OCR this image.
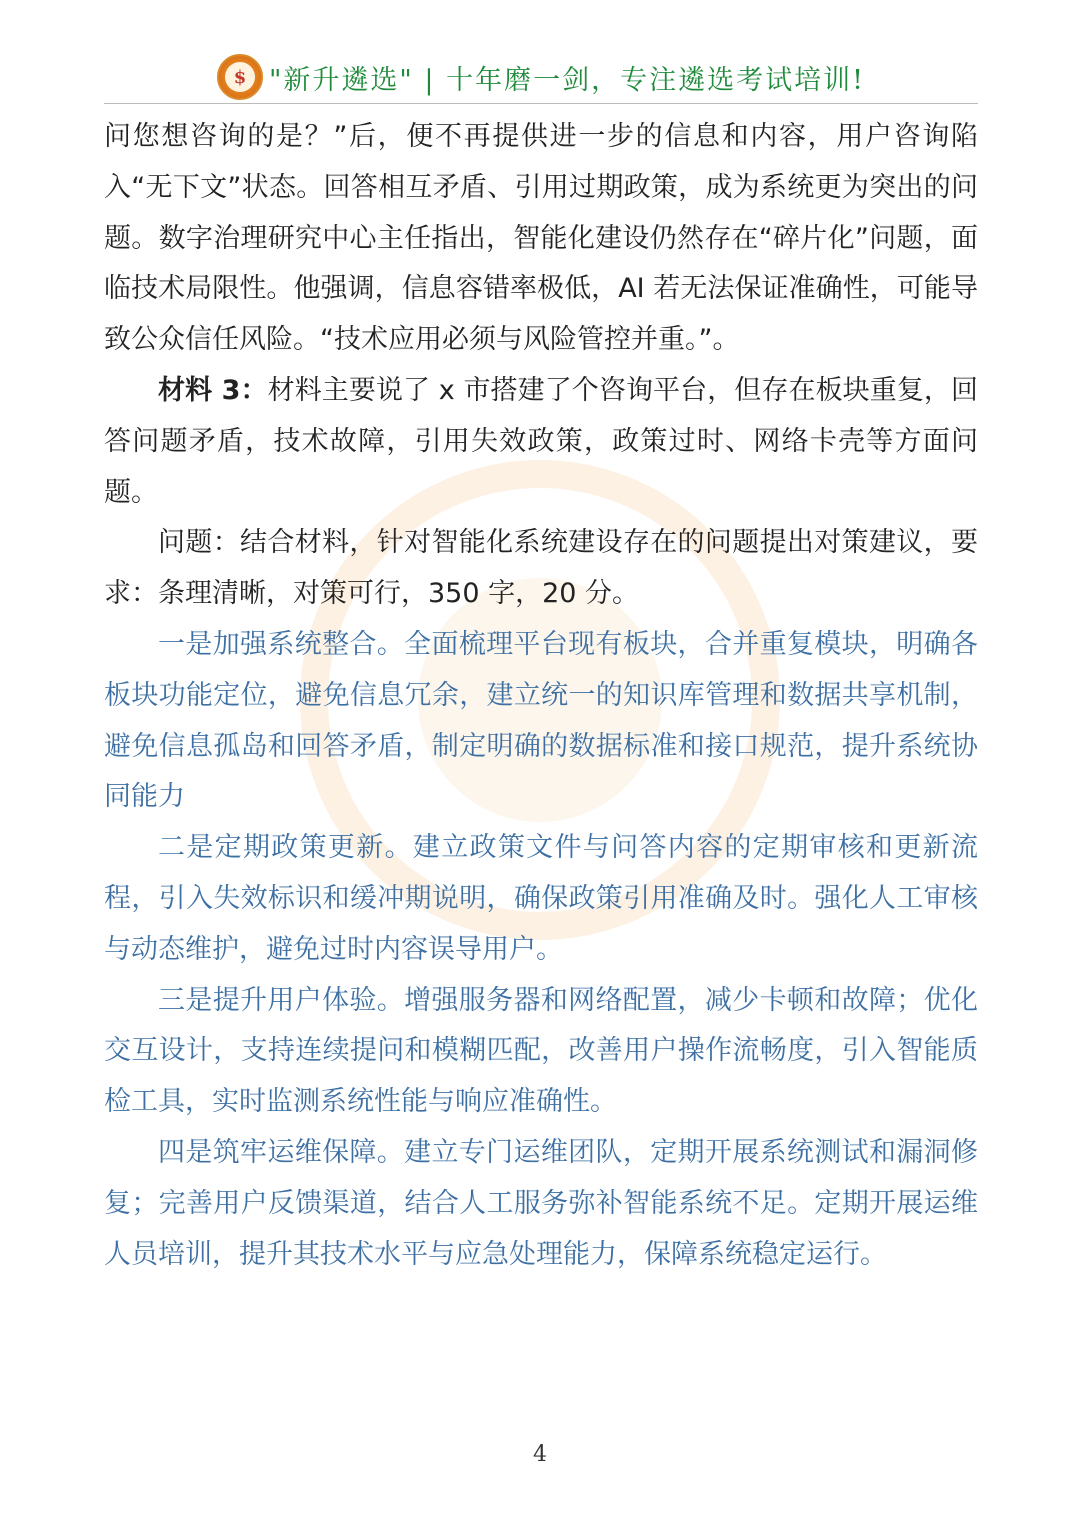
$ "新升遴选" | 十年磨一剑，专注遴选考试培训!

问您想咨询的是？”后，便不再提供进一步的信息和内容，用户咨询陷入“无下文”状态。回答相互矛盾、引用过期政策，成为系统更为突出的问题。数字治理研究中心主任指出，智能化建设仍然存在“碎片化”问题，面临技术局限性。他强调，信息容错率极低，AI 若无法保证准确性，可能导致公众信任风险。“技术应用必须与风险管控并重。”。

材料 3：材料主要说了 x 市搭建了个咨询平台，但存在板块重复，回答问题矛盾，技术故障，引用失效政策，政策过时、网络卡壳等方面问题。

问题：结合材料，针对智能化系统建设存在的问题提出对策建议，要求：条理清晰，对策可行，350 字，20 分。

一是加强系统整合。全面梳理平台现有板块，合并重复模块，明确各板块功能定位，避免信息冗余，建立统一的知识库管理和数据共享机制，避免信息孤岛和回答矛盾，制定明确的数据标准和接口规范，提升系统协同能力

二是定期政策更新。建立政策文件与问答内容的定期审核和更新流程，引入失效标识和缓冲期说明，确保政策引用准确及时。强化人工审核与动态维护，避免过时内容误导用户。

三是提升用户体验。增强服务器和网络配置，减少卡顿和故障；优化交互设计，支持连续提问和模糊匹配，改善用户操作流畅度，引入智能质检工具，实时监测系统性能与响应准确性。

四是筑牢运维保障。建立专门运维团队，定期开展系统测试和漏洞修复；完善用户反馈渠道，结合人工服务弥补智能系统不足。定期开展运维人员培训，提升其技术水平与应急处理能力，保障系统稳定运行。

4
